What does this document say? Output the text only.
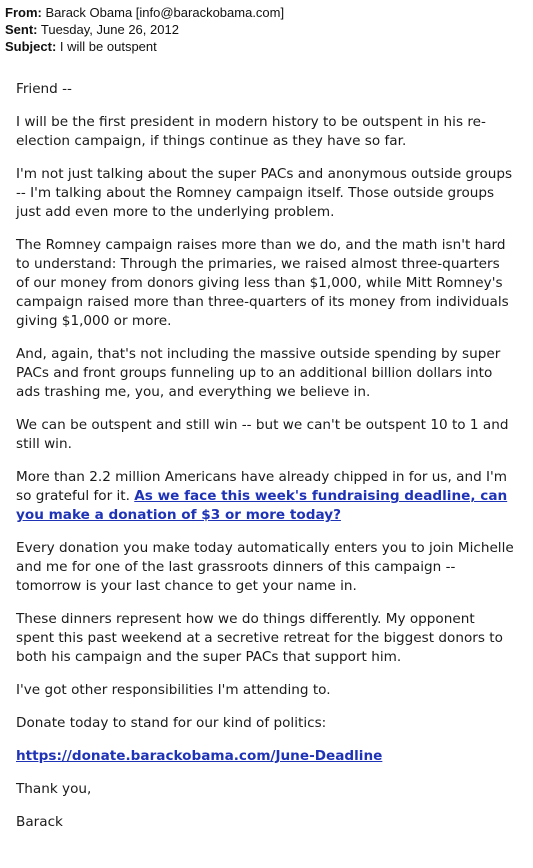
From: Barack Obama [info@barackobama.com]
Sent: Tuesday, June 26, 2012
Subject: I will be outspent

Friend --

I will be the first president in modern history to be outspent in his re-election campaign, if things continue as they have so far.

I'm not just talking about the super PACs and anonymous outside groups -- I'm talking about the Romney campaign itself. Those outside groups just add even more to the underlying problem.

The Romney campaign raises more than we do, and the math isn't hard to understand: Through the primaries, we raised almost three-quarters of our money from donors giving less than $1,000, while Mitt Romney's campaign raised more than three-quarters of its money from individuals giving $1,000 or more.

And, again, that's not including the massive outside spending by super PACs and front groups funneling up to an additional billion dollars into ads trashing me, you, and everything we believe in.

We can be outspent and still win -- but we can't be outspent 10 to 1 and still win.

More than 2.2 million Americans have already chipped in for us, and I'm so grateful for it. As we face this week's fundraising deadline, can you make a donation of $3 or more today?

Every donation you make today automatically enters you to join Michelle and me for one of the last grassroots dinners of this campaign -- tomorrow is your last chance to get your name in.

These dinners represent how we do things differently. My opponent spent this past weekend at a secretive retreat for the biggest donors to both his campaign and the super PACs that support him.

I've got other responsibilities I'm attending to.

Donate today to stand for our kind of politics:

https://donate.barackobama.com/June-Deadline

Thank you,

Barack
